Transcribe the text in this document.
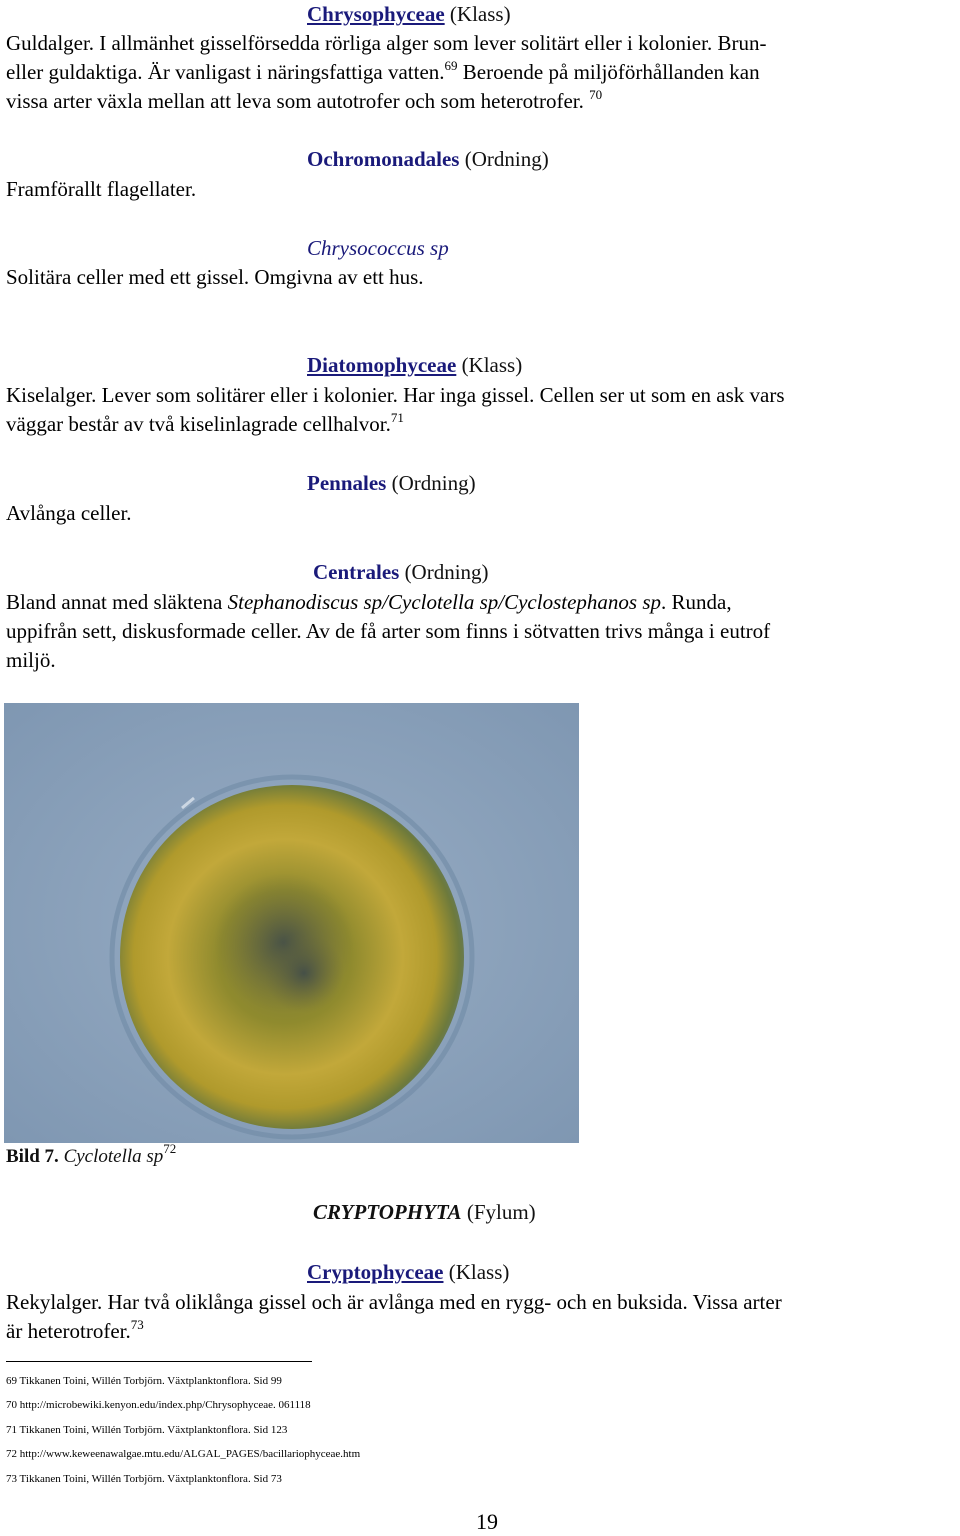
Chrysophyceae (Klass)
Guldalger. I allmänhet gisselförsedda rörliga alger som lever solitärt eller i kolonier. Brun-
eller guldaktiga. Är vanligast i näringsfattiga vatten.$^{69}$ Beroende på miljöförhållanden kan
vissa arter växla mellan att leva som autotrofer och som heterotrofer. $^{70}$
Ochromonadales (Ordning)
Framförallt flagellater.
Chrysococcus sp
Solitära celler med ett gissel. Omgivna av ett hus.
Diatomophyceae (Klass)
Kiselalger. Lever som solitärer eller i kolonier. Har inga gissel. Cellen ser ut som en ask vars
väggar består av två kiselinlagrade cellhalvor.$^{71}$
Pennales (Ordning)
Avlånga celler.
Centrales (Ordning)
Bland annat med släktena Stephanodiscus sp/Cyclotella sp/Cyclostephanos sp. Runda,
uppifrån sett, diskusformade celler. Av de få arter som finns i sötvatten trivs många i eutrof
miljö.
Bild 7. Cyclotella $sp^{72}$
CRYPTOPHYTA (Fylum)
Cryptophyceae (Klass)
Rekylalger. Har två oliklånga gissel och är avlånga med en rygg- och en buksida. Vissa arter
är heterotrofer.$^{73}$
69 Tikkanen Toini, Willén Torbjörn. Växtplanktonflora. Sid 99
70 http://microbewiki.kenyon.edu/index.php/Chrysophyceae. 061118
71 Tikkanen Toini, Willén Torbjörn. Växtplanktonflora. Sid 123
72 http://www.keweenawalgae.mtu.edu/ALGAL_PAGES/bacillariophyceae.htm
73 Tikkanen Toini, Willén Torbjörn. Växtplanktonflora. Sid 73
19
